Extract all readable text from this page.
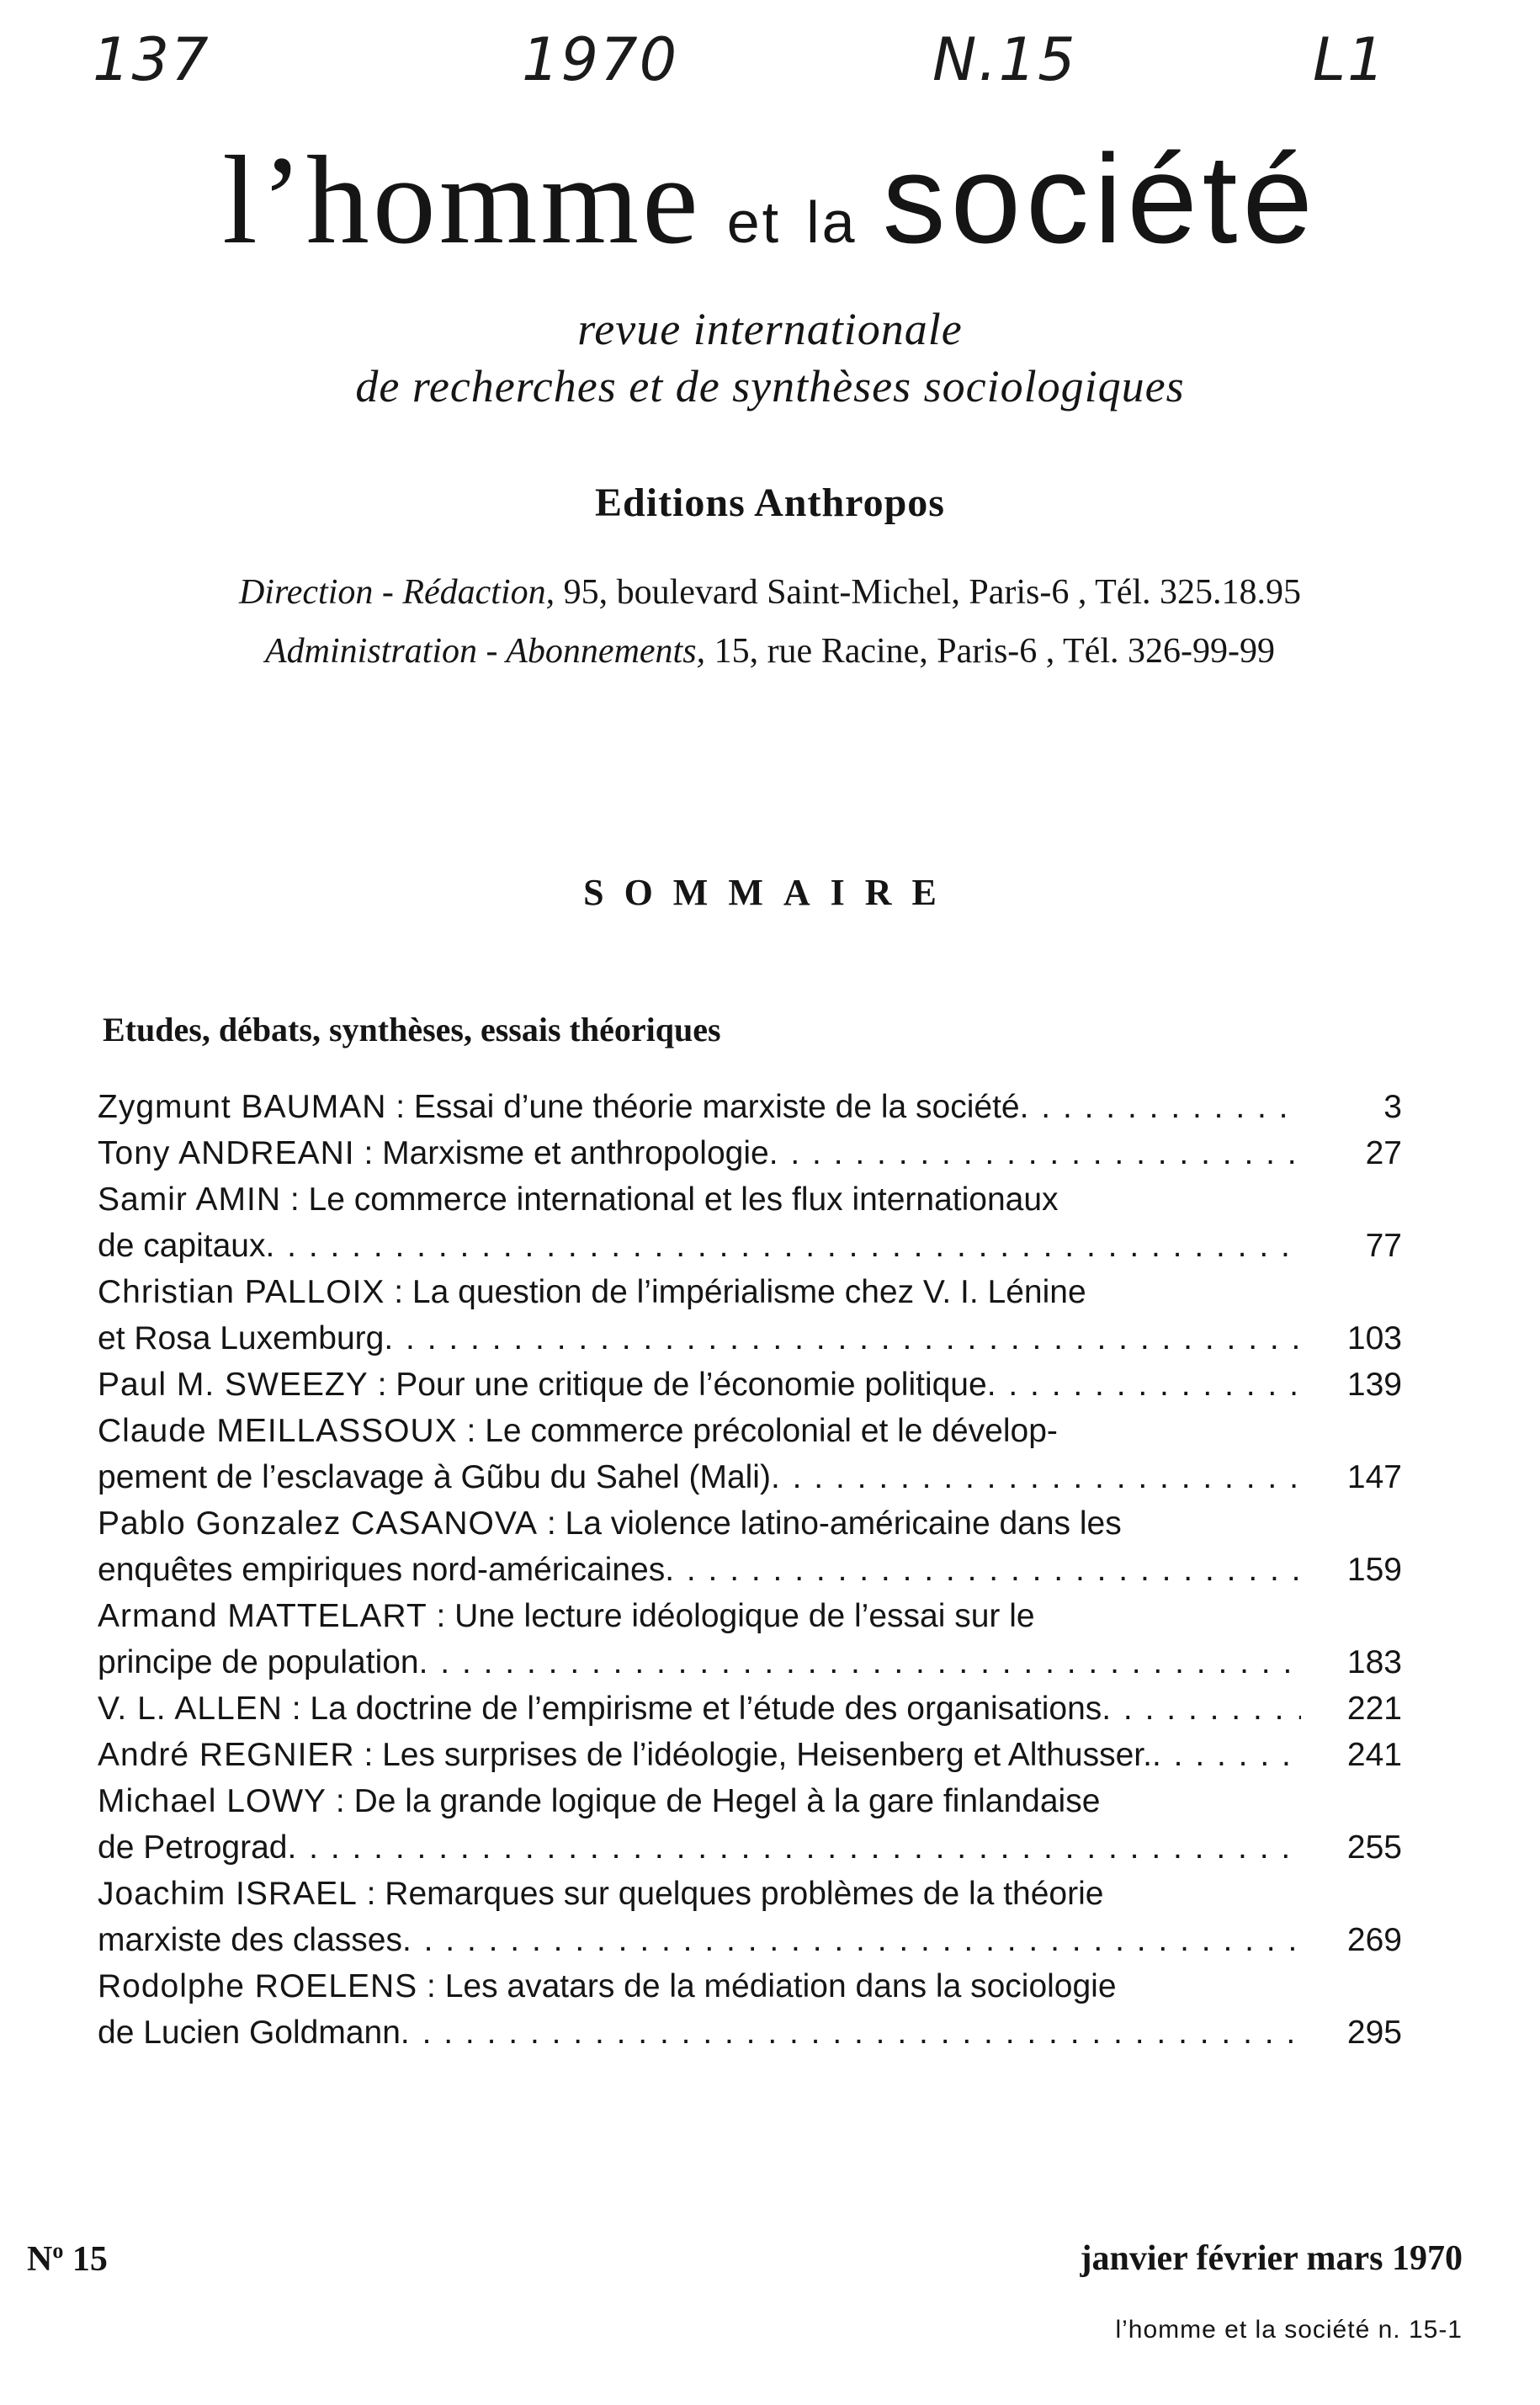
137	1970	N.15	L1
l’homme et la société
revue internationale
de recherches et de synthèses sociologiques
Editions Anthropos
Direction - Rédaction, 95, boulevard Saint-Michel, Paris-6 , Tél. 325.18.95
Administration - Abonnements, 15, rue Racine, Paris-6 , Tél. 326-99-99
SOMMAIRE
Etudes, débats, synthèses, essais théoriques
Zygmunt BAUMAN : Essai d’une théorie marxiste de la société . . .	3
Tony ANDREANI : Marxisme et anthropologie . . .	27
Samir AMIN : Le commerce international et les flux internationaux
de capitaux . . .	77
Christian PALLOIX : La question de l’impérialisme chez V. I. Lénine
et Rosa Luxemburg . . .	103
Paul M. SWEEZY : Pour une critique de l’économie politique . . .	139
Claude MEILLASSOUX : Le commerce précolonial et le dévelop-
pement de l’esclavage à Gũbu du Sahel (Mali) . . .	147
Pablo Gonzalez CASANOVA : La violence latino-américaine dans les
enquêtes empiriques nord-américaines . . .	159
Armand MATTELART : Une lecture idéologique de l’essai sur le
principe de population . . .	183
V. L. ALLEN : La doctrine de l’empirisme et l’étude des organisations . . .	221
André REGNIER : Les surprises de l’idéologie, Heisenberg et Althusser. . . .	241
Michael LOWY : De la grande logique de Hegel à la gare finlandaise
de Petrograd . . .	255
Joachim ISRAEL : Remarques sur quelques problèmes de la théorie
marxiste des classes . . .	269
Rodolphe ROELENS : Les avatars de la médiation dans la sociologie
de Lucien Goldmann . . .	295
$N^o$ 15	janvier février mars 1970
l’homme et la société n. 15-1
